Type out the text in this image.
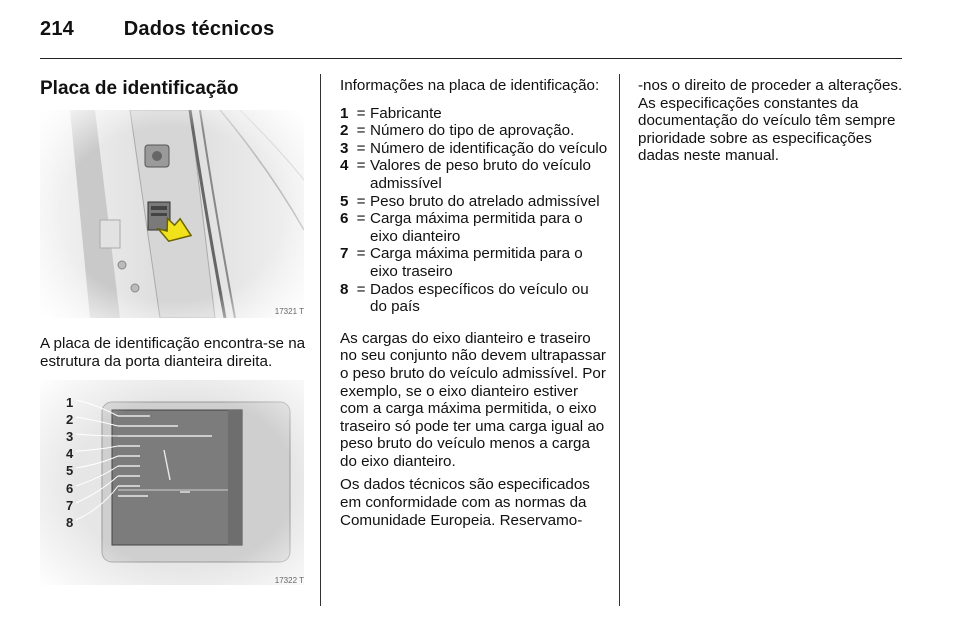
214 Dados técnicos
Placa de identificação
17321 T
A placa de identificação encontra-se na estrutura da porta dianteira direita.
1
2
3
4
5
6
7
8
17322 T
Informações na placa de identificação:
1 = Fabricante
2 = Número do tipo de aprovação.
3 = Número de identificação do veículo
4 = Valores de peso bruto do veículo admissível
5 = Peso bruto do atrelado admissível
6 = Carga máxima permitida para o eixo dianteiro
7 = Carga máxima permitida para o eixo traseiro
8 = Dados específicos do veículo ou do país
As cargas do eixo dianteiro e traseiro no seu conjunto não devem ultrapassar o peso bruto do veículo admissível. Por exemplo, se o eixo dianteiro estiver com a carga máxima permitida, o eixo traseiro só pode ter uma carga igual ao peso bruto do veículo menos a carga do eixo dianteiro.
Os dados técnicos são especificados em conformidade com as normas da Comunidade Europeia. Reservamo-
-nos o direito de proceder a alterações. As especificações constantes da documentação do veículo têm sempre prioridade sobre as especificações dadas neste manual.
